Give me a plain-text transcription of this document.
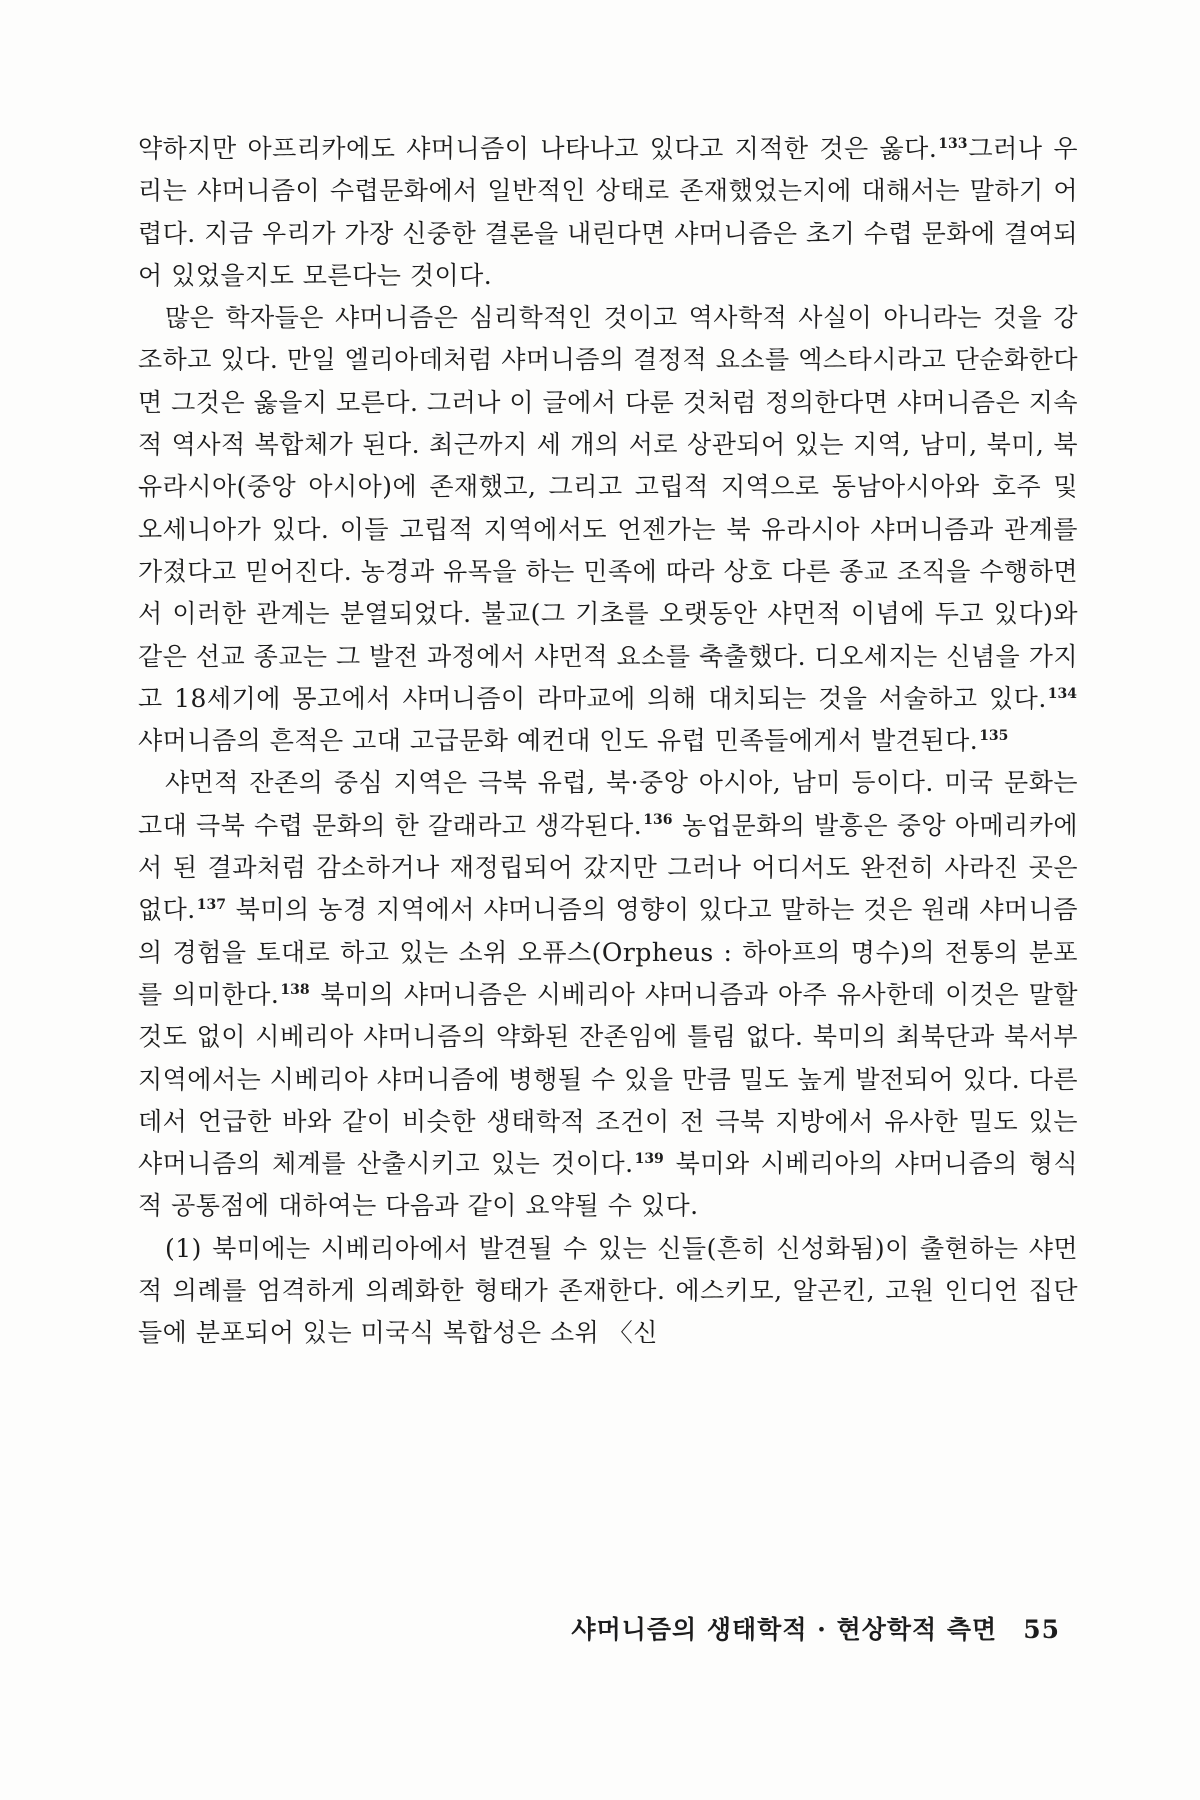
약하지만 아프리카에도 샤머니즘이 나타나고 있다고 지적한 것은 옳다.$^{133}$그러나 우리는 샤머니즘이 수렵문화에서 일반적인 상태로 존재했었는지에 대해서는 말하기 어렵다. 지금 우리가 가장 신중한 결론을 내린다면 샤머니즘은 초기 수렵 문화에 결여되어 있었을지도 모른다는 것이다.

많은 학자들은 샤머니즘은 심리학적인 것이고 역사학적 사실이 아니라는 것을 강조하고 있다. 만일 엘리아데처럼 샤머니즘의 결정적 요소를 엑스타시라고 단순화한다면 그것은 옳을지 모른다. 그러나 이 글에서 다룬 것처럼 정의한다면 샤머니즘은 지속적 역사적 복합체가 된다. 최근까지 세 개의 서로 상관되어 있는 지역, 남미, 북미, 북유라시아(중앙 아시아)에 존재했고, 그리고 고립적 지역으로 동남아시아와 호주 및 오세니아가 있다. 이들 고립적 지역에서도 언젠가는 북 유라시아 샤머니즘과 관계를 가졌다고 믿어진다. 농경과 유목을 하는 민족에 따라 상호 다른 종교 조직을 수행하면서 이러한 관계는 분열되었다. 불교(그 기초를 오랫동안 샤먼적 이념에 두고 있다)와 같은 선교 종교는 그 발전 과정에서 샤먼적 요소를 축출했다. 디오세지는 신념을 가지고 18세기에 몽고에서 샤머니즘이 라마교에 의해 대치되는 것을 서술하고 있다.$^{134}$ 샤머니즘의 흔적은 고대 고급문화 예컨대 인도 유럽 민족들에게서 발견된다.$^{135}$

샤먼적 잔존의 중심 지역은 극북 유럽, 북·중앙 아시아, 남미 등이다. 미국 문화는 고대 극북 수렵 문화의 한 갈래라고 생각된다.$^{136}$ 농업문화의 발흥은 중앙 아메리카에서 된 결과처럼 감소하거나 재정립되어 갔지만 그러나 어디서도 완전히 사라진 곳은 없다.$^{137}$ 북미의 농경 지역에서 샤머니즘의 영향이 있다고 말하는 것은 원래 샤머니즘의 경험을 토대로 하고 있는 소위 오퓨스(Orpheus : 하아프의 명수)의 전통의 분포를 의미한다.$^{138}$ 북미의 샤머니즘은 시베리아 샤머니즘과 아주 유사한데 이것은 말할 것도 없이 시베리아 샤머니즘의 약화된 잔존임에 틀림 없다. 북미의 최북단과 북서부 지역에서는 시베리아 샤머니즘에 병행될 수 있을 만큼 밀도 높게 발전되어 있다. 다른 데서 언급한 바와 같이 비슷한 생태학적 조건이 전 극북 지방에서 유사한 밀도 있는 샤머니즘의 체계를 산출시키고 있는 것이다.$^{139}$ 북미와 시베리아의 샤머니즘의 형식적 공통점에 대하여는 다음과 같이 요약될 수 있다.

(1) 북미에는 시베리아에서 발견될 수 있는 신들(흔히 신성화됨)이 출현하는 샤먼적 의례를 엄격하게 의례화한 형태가 존재한다. 에스키모, 알곤킨, 고원 인디언 집단들에 분포되어 있는 미국식 복합성은 소위 〈신

샤머니즘의 생태학적 · 현상학적 측면 55
